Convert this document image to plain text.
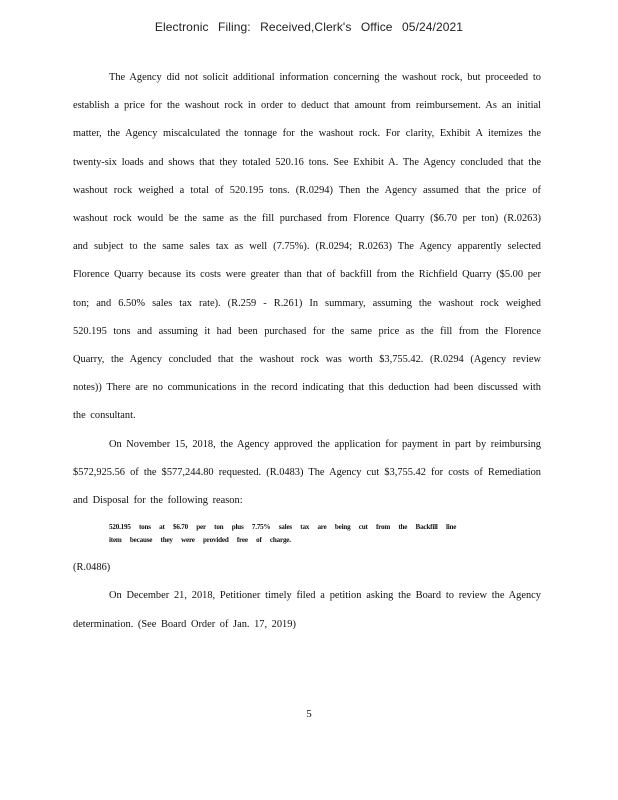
Electronic Filing: Received,Clerk's Office 05/24/2021

The Agency did not solicit additional information concerning the washout rock, but proceeded to establish a price for the washout rock in order to deduct that amount from reimbursement. As an initial matter, the Agency miscalculated the tonnage for the washout rock. For clarity, Exhibit A itemizes the twenty-six loads and shows that they totaled 520.16 tons. See Exhibit A. The Agency concluded that the washout rock weighed a total of 520.195 tons. (R.0294) Then the Agency assumed that the price of washout rock would be the same as the fill purchased from Florence Quarry ($6.70 per ton) (R.0263) and subject to the same sales tax as well (7.75%). (R.0294; R.0263) The Agency apparently selected Florence Quarry because its costs were greater than that of backfill from the Richfield Quarry ($5.00 per ton; and 6.50% sales tax rate). (R.259 - R.261) In summary, assuming the washout rock weighed 520.195 tons and assuming it had been purchased for the same price as the fill from the Florence Quarry, the Agency concluded that the washout rock was worth $3,755.42. (R.0294 (Agency review notes)) There are no communications in the record indicating that this deduction had been discussed with the consultant.

On November 15, 2018, the Agency approved the application for payment in part by reimbursing $572,925.56 of the $577,244.80 requested. (R.0483) The Agency cut $3,755.42 for costs of Remediation and Disposal for the following reason:

520.195 tons at $6.70 per ton plus 7.75% sales tax are being cut from the Backfill line item because they were provided free of charge.

(R.0486)

On December 21, 2018, Petitioner timely filed a petition asking the Board to review the Agency determination. (See Board Order of Jan. 17, 2019)

5
